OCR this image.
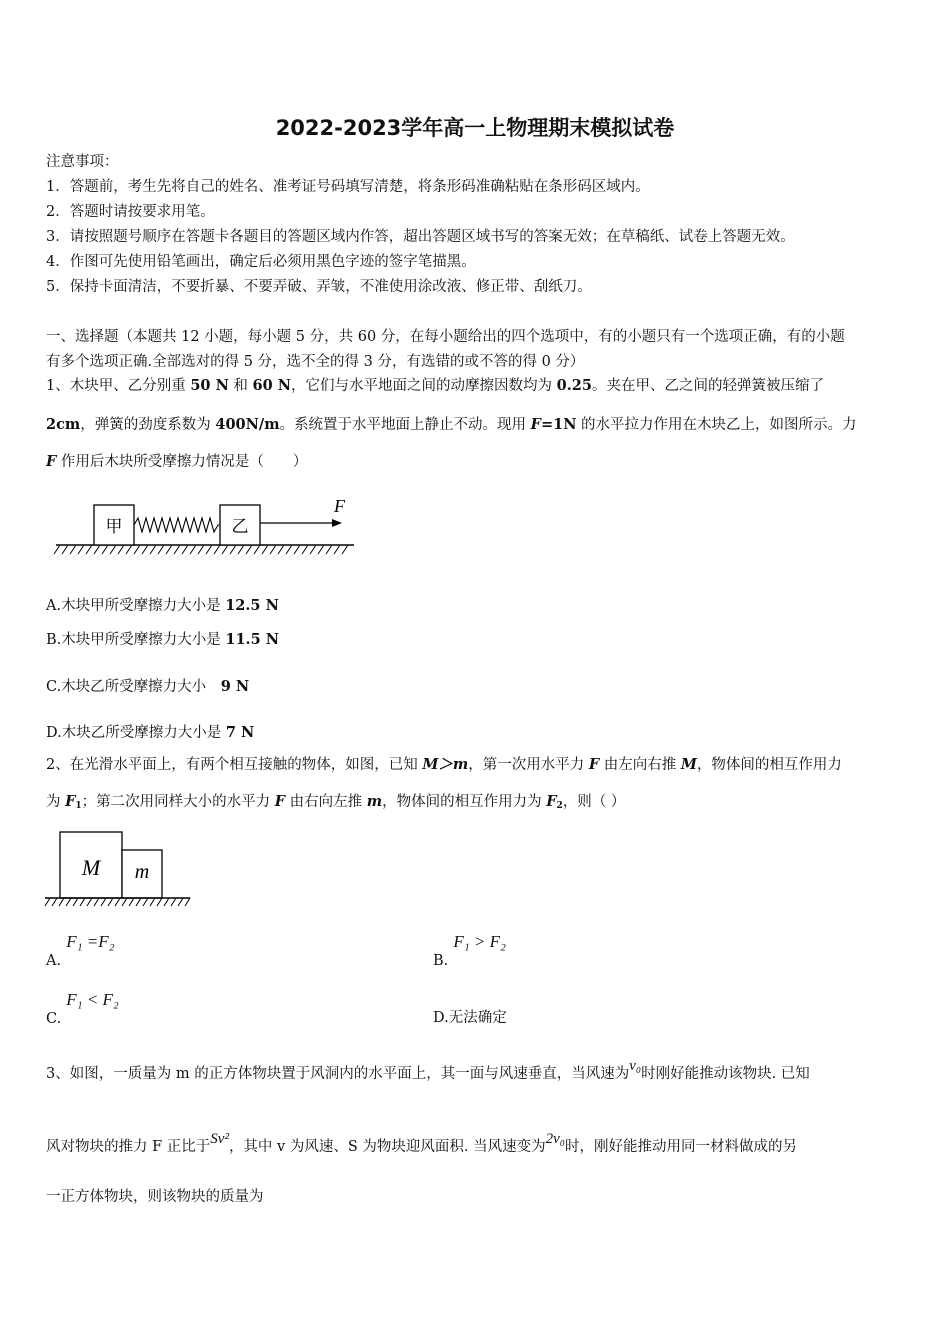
2022-2023学年高一上物理期末模拟试卷
注意事项：
1．答题前，考生先将自己的姓名、准考证号码填写清楚，将条形码准确粘贴在条形码区域内。
2．答题时请按要求用笔。
3．请按照题号顺序在答题卡各题目的答题区域内作答，超出答题区域书写的答案无效；在草稿纸、试卷上答题无效。
4．作图可先使用铅笔画出，确定后必须用黑色字迹的签字笔描黑。
5．保持卡面清洁，不要折暴、不要弄破、弄皱，不准使用涂改液、修正带、刮纸刀。
一、选择题（本题共 12 小题，每小题 5 分，共 60 分，在每小题给出的四个选项中，有的小题只有一个选项正确，有的小题
有多个选项正确.全部选对的得 5 分，选不全的得 3 分，有选错的或不答的得 0 分）
1、木块甲、乙分别重 50 N 和 60 N，它们与水平地面之间的动摩擦因数均为 0.25。夹在甲、乙之间的轻弹簧被压缩了
2cm，弹簧的劲度系数为 400N/m。系统置于水平地面上静止不动。现用 F=1N 的水平拉力作用在木块乙上，如图所示。力
F 作用后木块所受摩擦力情况是（　　）
甲	乙
F
A.木块甲所受摩擦力大小是 12.5 N
B.木块甲所受摩擦力大小是 11.5 N
C.木块乙所受摩擦力大小　9 N
D.木块乙所受摩擦力大小是 7 N
2、在光滑水平面上，有两个相互接触的物体，如图，已知 M＞m，第一次用水平力 F 由左向右推 M，物体间的相互作用力
为 $F_1$；第二次用同样大小的水平力 F 由右向左推 m，物体间的相互作用力为 $F_2$，则（ ）
M m
A. F₁ =F₂
B. F₁ > F₂
C. F₁ < F₂
D.无法确定
3、如图，一质量为 m 的正方体物块置于风洞内的水平面上，其一面与风速垂直，当风速为v₀时刚好能推动该物块. 已知
风对物块的推力 F 正比于Sv²，其中 v 为风速、S 为物块迎风面积. 当风速变为2v₀时，刚好能推动用同一材料做成的另
一正方体物块，则该物块的质量为
